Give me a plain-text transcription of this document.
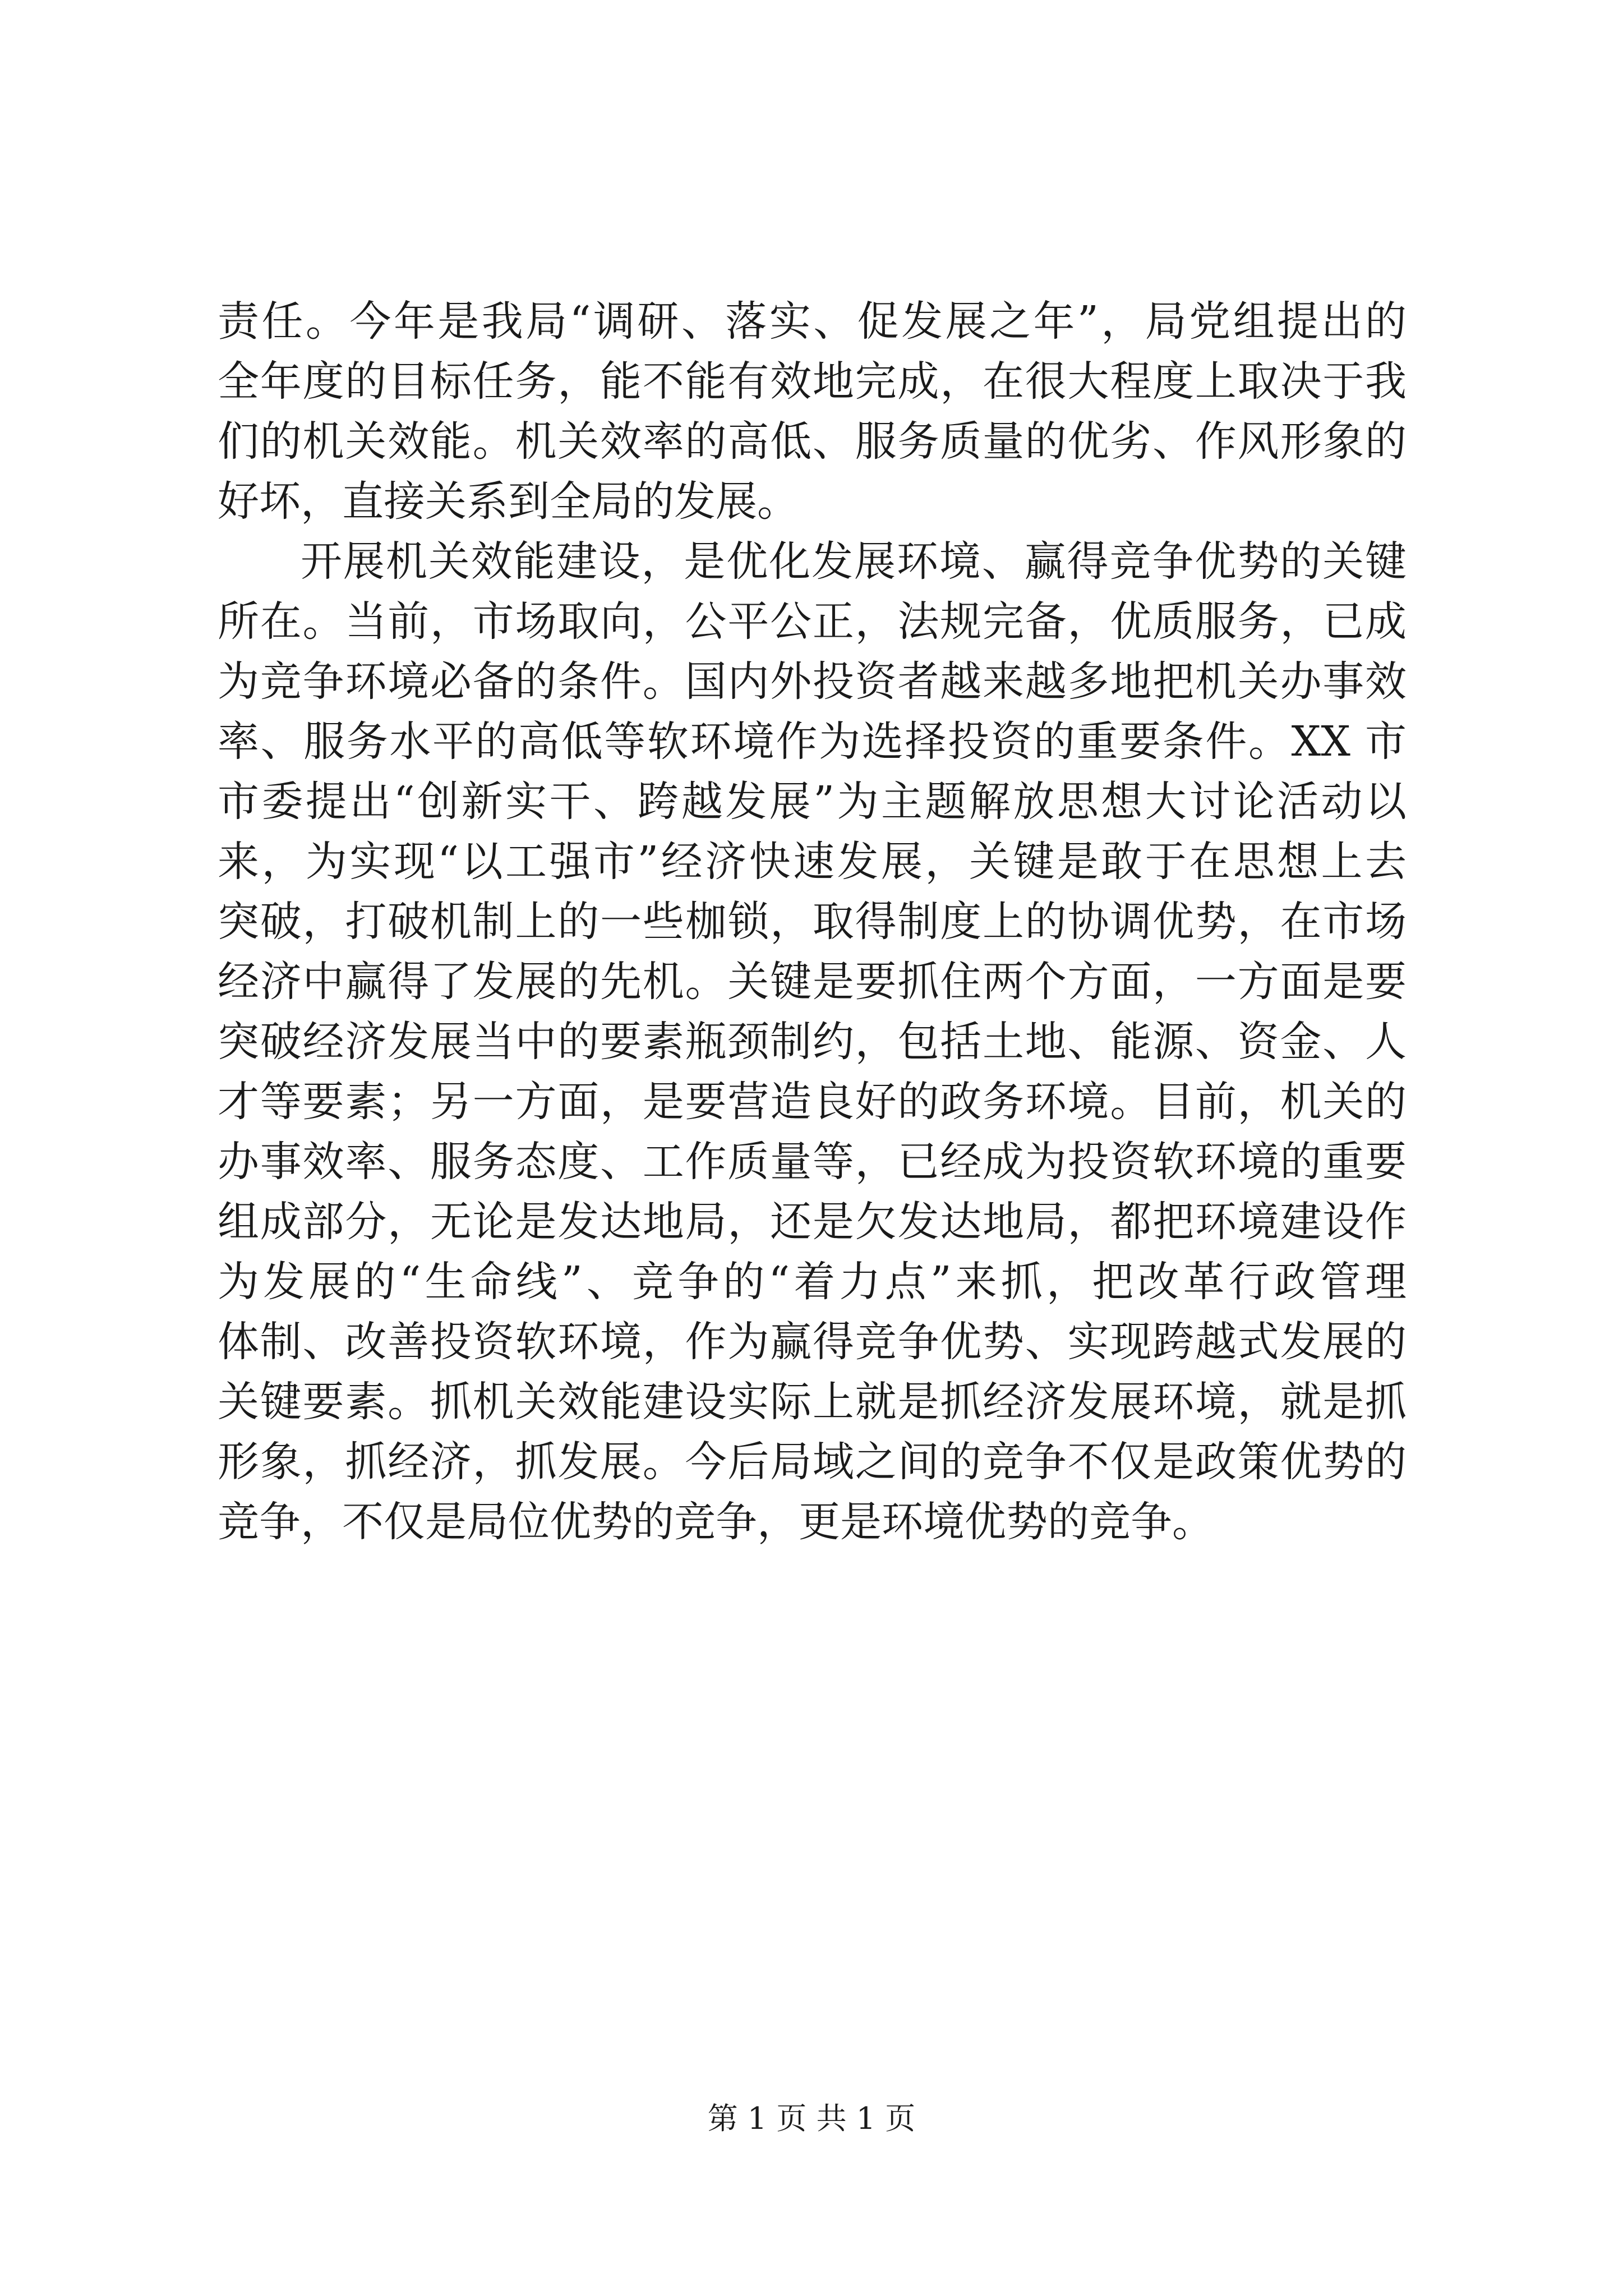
责任。今年是我局“调研、落实、促发展之年”，局党组提出的
全年度的目标任务，能不能有效地完成，在很大程度上取决于我
们的机关效能。机关效率的高低、服务质量的优劣、作风形象的
好坏，直接关系到全局的发展。
开展机关效能建设，是优化发展环境、赢得竞争优势的关键
所在。当前，市场取向，公平公正，法规完备，优质服务，已成
为竞争环境必备的条件。国内外投资者越来越多地把机关办事效
率、服务水平的高低等软环境作为选择投资的重要条件。XX 市
市委提出“创新实干、跨越发展”为主题解放思想大讨论活动以
来，为实现“以工强市”经济快速发展，关键是敢于在思想上去
突破，打破机制上的一些枷锁，取得制度上的协调优势，在市场
经济中赢得了发展的先机。关键是要抓住两个方面，一方面是要
突破经济发展当中的要素瓶颈制约，包括土地、能源、资金、人
才等要素；另一方面，是要营造良好的政务环境。目前，机关的
办事效率、服务态度、工作质量等，已经成为投资软环境的重要
组成部分，无论是发达地局，还是欠发达地局，都把环境建设作
为发展的“生命线”、竞争的“着力点”来抓，把改革行政管理
体制、改善投资软环境，作为赢得竞争优势、实现跨越式发展的
关键要素。抓机关效能建设实际上就是抓经济发展环境，就是抓
形象，抓经济，抓发展。今后局域之间的竞争不仅是政策优势的
竞争，不仅是局位优势的竞争，更是环境优势的竞争。
第 1 页 共 1 页
